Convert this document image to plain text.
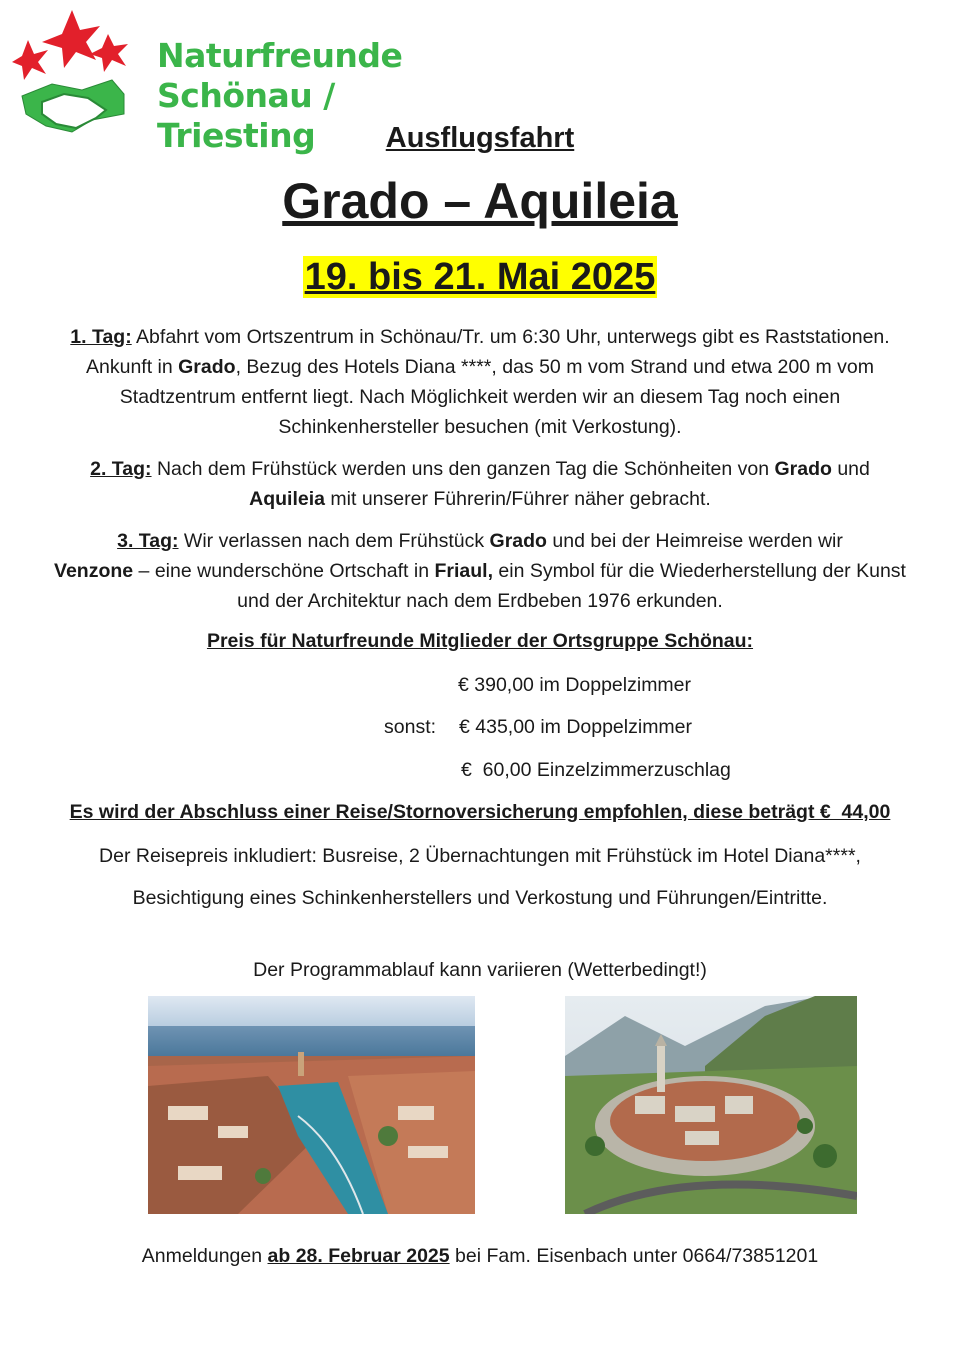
Naturfreunde
Schönau / Triesting	Ausflugsfahrt
Grado – Aquileia
19. bis 21. Mai 2025
1. Tag: Abfahrt vom Ortszentrum in Schönau/Tr. um 6:30 Uhr, unterwegs gibt es Raststationen. Ankunft in Grado, Bezug des Hotels Diana ****, das 50 m vom Strand und etwa 200 m vom Stadtzentrum entfernt liegt. Nach Möglichkeit werden wir an diesem Tag noch einen Schinkenhersteller besuchen (mit Verkostung).
2. Tag: Nach dem Frühstück werden uns den ganzen Tag die Schönheiten von Grado und Aquileia mit unserer Führerin/Führer näher gebracht.
3. Tag: Wir verlassen nach dem Frühstück Grado und bei der Heimreise werden wir
Venzone – eine wunderschöne Ortschaft in Friaul, ein Symbol für die Wiederherstellung der Kunst und der Architektur nach dem Erdbeben 1976 erkunden.
Preis für Naturfreunde Mitglieder der Ortsgruppe Schönau:
€ 390,00 im Doppelzimmer
sonst: € 435,00 im Doppelzimmer
€  60,00 Einzelzimmerzuschlag
Es wird der Abschluss einer Reise/Stornoversicherung empfohlen, diese beträgt €  44,00
Der Reisepreis inkludiert: Busreise, 2 Übernachtungen mit Frühstück im Hotel Diana****,
Besichtigung eines Schinkenherstellers und Verkostung und Führungen/Eintritte.
Der Programmablauf kann variieren (Wetterbedingt!)
Anmeldungen ab 28. Februar 2025 bei Fam. Eisenbach unter 0664/73851201
